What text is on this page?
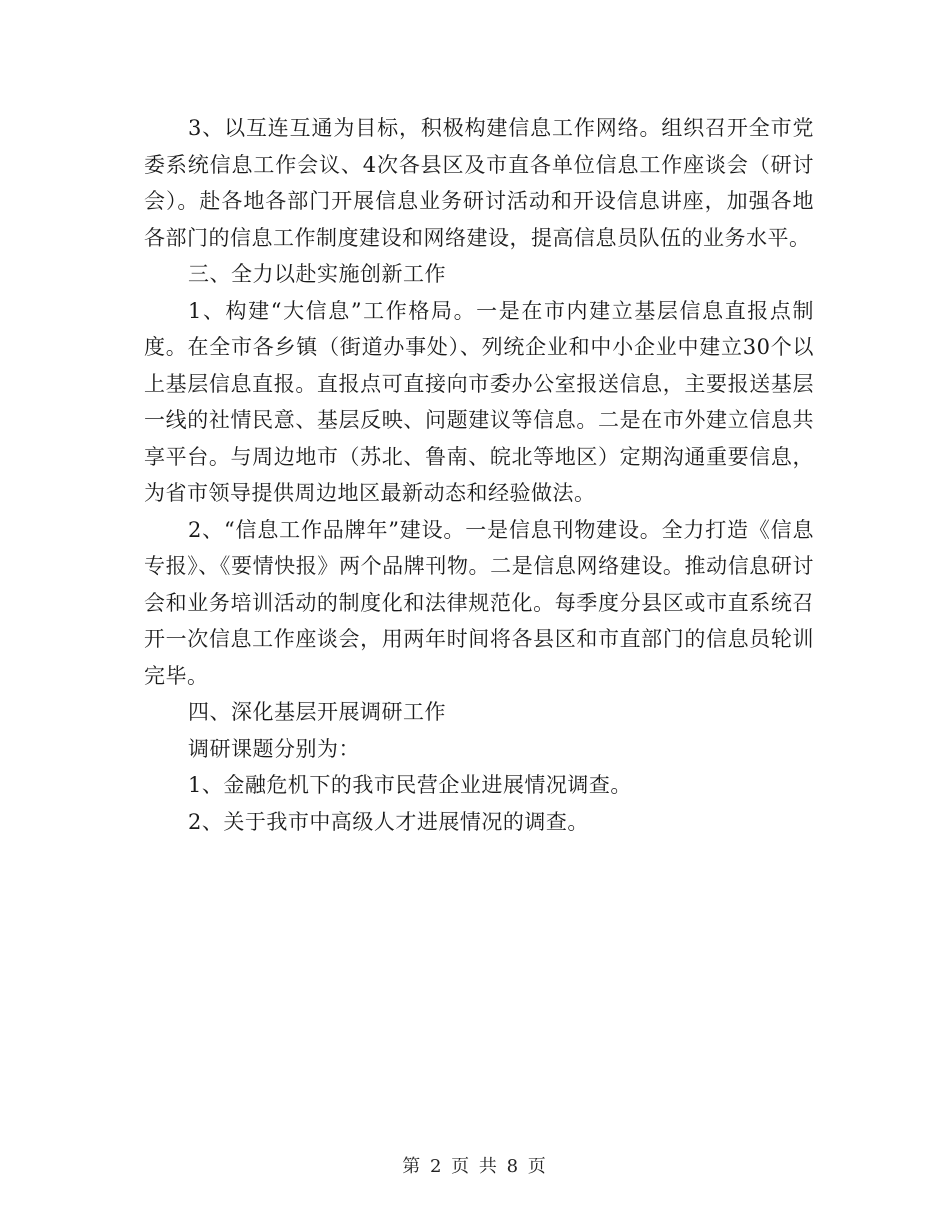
3、以互连互通为目标，积极构建信息工作网络。组织召开全市党委系统信息工作会议、4次各县区及市直各单位信息工作座谈会（研讨会）。赴各地各部门开展信息业务研讨活动和开设信息讲座，加强各地各部门的信息工作制度建设和网络建设，提高信息员队伍的业务水平。

三、全力以赴实施创新工作

1、构建“大信息”工作格局。一是在市内建立基层信息直报点制度。在全市各乡镇（街道办事处）、列统企业和中小企业中建立30个以上基层信息直报。直报点可直接向市委办公室报送信息，主要报送基层一线的社情民意、基层反映、问题建议等信息。二是在市外建立信息共享平台。与周边地市（苏北、鲁南、皖北等地区）定期沟通重要信息，为省市领导提供周边地区最新动态和经验做法。

2、“信息工作品牌年”建设。一是信息刊物建设。全力打造《信息专报》、《要情快报》两个品牌刊物。二是信息网络建设。推动信息研讨会和业务培训活动的制度化和法律规范化。每季度分县区或市直系统召开一次信息工作座谈会，用两年时间将各县区和市直部门的信息员轮训完毕。

四、深化基层开展调研工作

调研课题分别为：

1、金融危机下的我市民营企业进展情况调查。

2、关于我市中高级人才进展情况的调查。

第 2 页 共 8 页
